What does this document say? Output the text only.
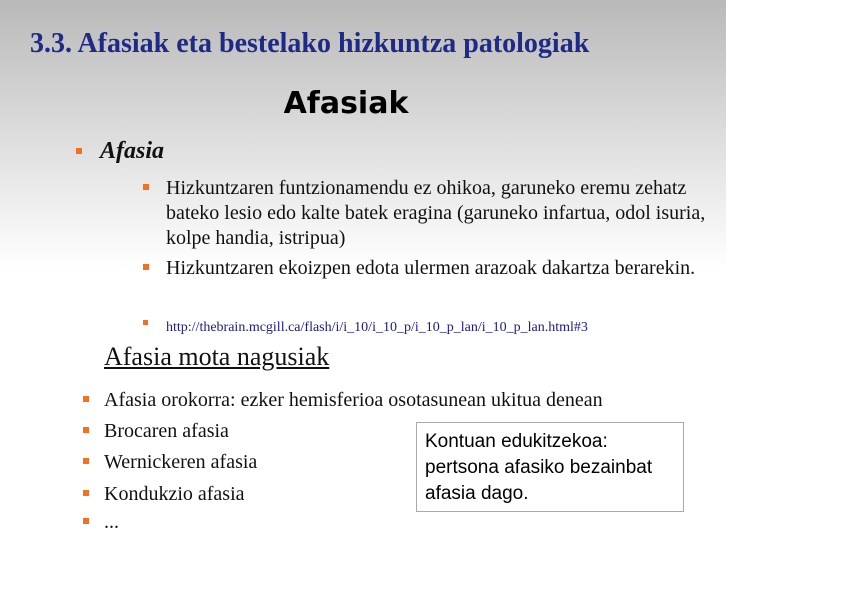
3.3. Afasiak eta bestelako hizkuntza patologiak
Afasiak
Afasia
Hizkuntzaren funtzionamendu ez ohikoa, garuneko eremu zehatz bateko lesio edo kalte batek eragina (garuneko infartua, odol isuria, kolpe handia, istripua)
Hizkuntzaren ekoizpen edota ulermen arazoak dakartza berarekin.
http://thebrain.mcgill.ca/flash/i/i_10/i_10_p/i_10_p_lan/i_10_p_lan.html#3
Afasia mota nagusiak
Afasia orokorra: ezker hemisferioa osotasunean ukitua denean
Brocaren afasia
Wernickeren afasia
Kondukzio afasia
...
Kontuan edukitzekoa: pertsona afasiko bezainbat afasia dago.
